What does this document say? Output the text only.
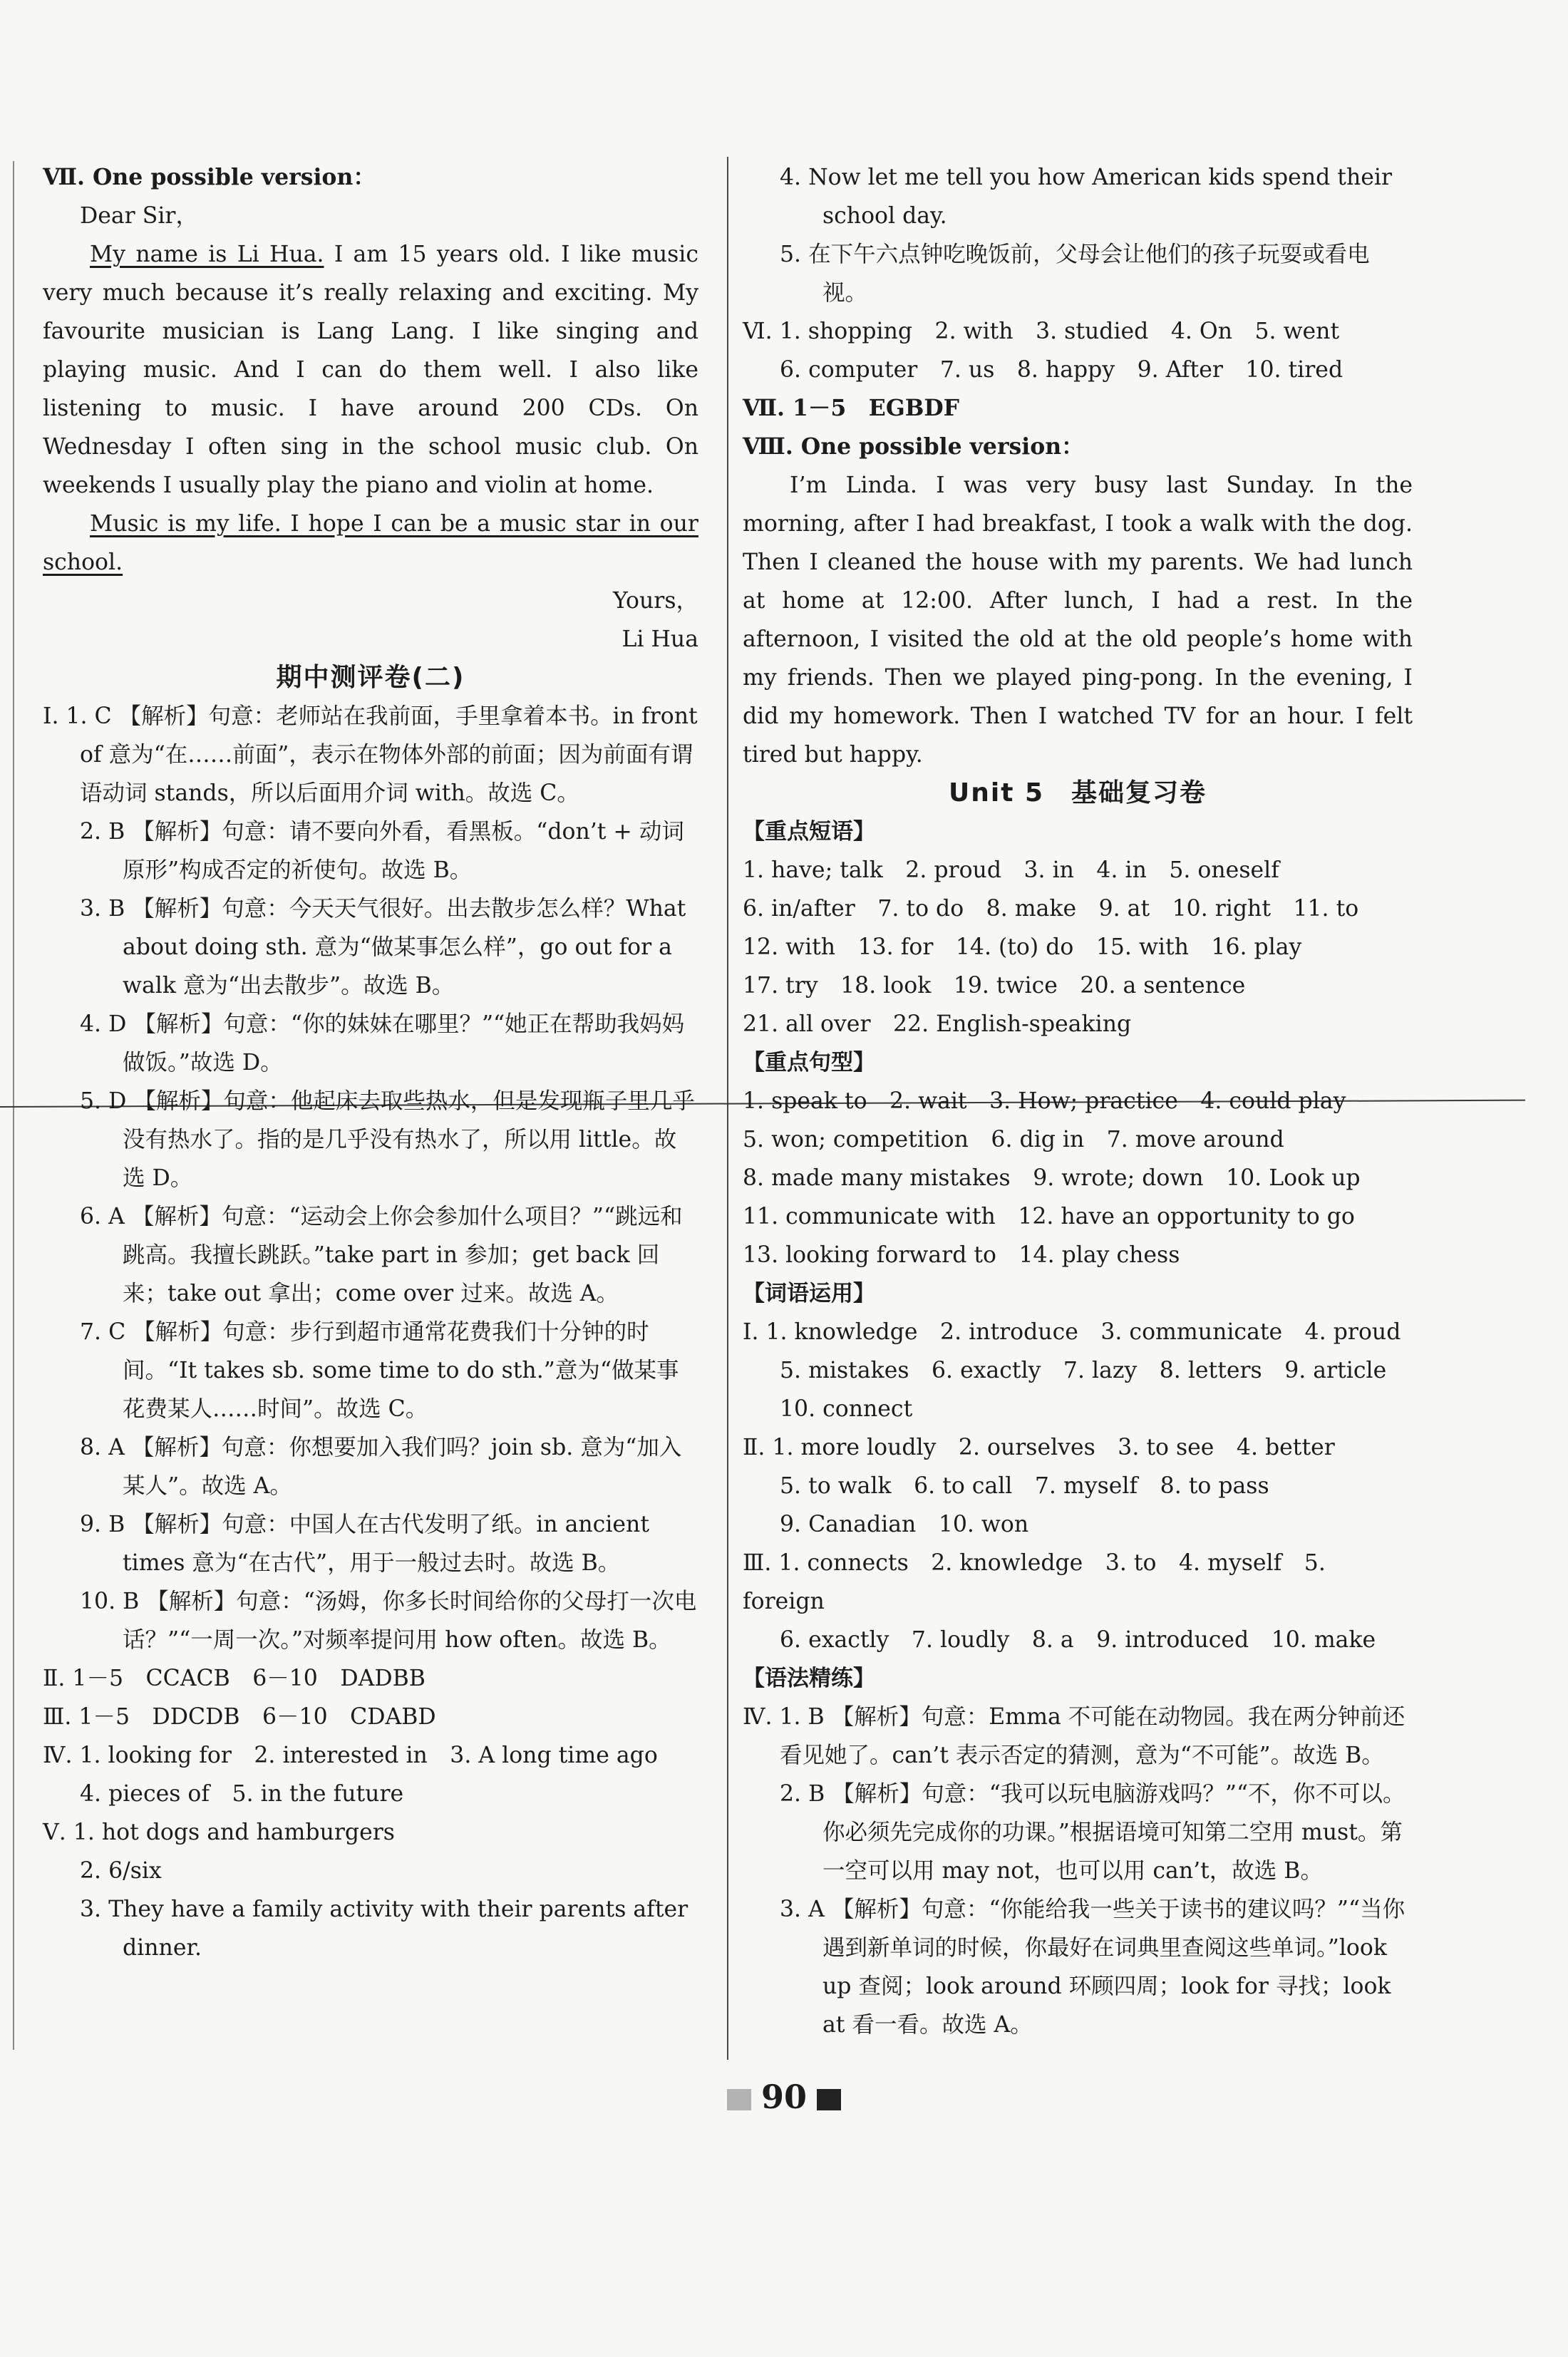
Ⅶ. One possible version：

Dear Sir，

My name is Li Hua. I am 15 years old. I like music very much because it’s really relaxing and exciting. My favourite musician is Lang Lang. I like singing and playing music. And I can do them well. I also like listening to music. I have around 200 CDs. On Wednesday I often sing in the school music club. On weekends I usually play the piano and violin at home.

Music is my life. I hope I can be a music star in our school.

Yours，

Li Hua

期中测评卷(二)

Ⅰ. 1. C 【解析】句意：老师站在我前面，手里拿着本书。in front of 意为“在……前面”，表示在物体外部的前面；因为前面有谓语动词 stands，所以后面用介词 with。故选 C。

2. B 【解析】句意：请不要向外看，看黑板。“don’t + 动词原形”构成否定的祈使句。故选 B。

3. B 【解析】句意：今天天气很好。出去散步怎么样？What about doing sth. 意为“做某事怎么样”，go out for a walk 意为“出去散步”。故选 B。

4. D 【解析】句意：“你的妹妹在哪里？”“她正在帮助我妈妈做饭。”故选 D。

5. D 【解析】句意：他起床去取些热水，但是发现瓶子里几乎没有热水了。指的是几乎没有热水了，所以用 little。故选 D。

6. A 【解析】句意：“运动会上你会参加什么项目？”“跳远和跳高。我擅长跳跃。”take part in 参加；get back 回来；take out 拿出；come over 过来。故选 A。

7. C 【解析】句意：步行到超市通常花费我们十分钟的时间。“It takes sb. some time to do sth.”意为“做某事花费某人……时间”。故选 C。

8. A 【解析】句意：你想要加入我们吗？join sb. 意为“加入某人”。故选 A。

9. B 【解析】句意：中国人在古代发明了纸。in ancient times 意为“在古代”，用于一般过去时。故选 B。

10. B 【解析】句意：“汤姆，你多长时间给你的父母打一次电话？”“一周一次。”对频率提问用 how often。故选 B。

Ⅱ. 1－5　CCACB　6－10　DADBB

Ⅲ. 1－5　DDCDB　6－10　CDABD

Ⅳ. 1. looking for　2. interested in　3. A long time ago

4. pieces of　5. in the future

Ⅴ. 1. hot dogs and hamburgers

2. 6/six

3. They have a family activity with their parents after dinner.

4. Now let me tell you how American kids spend their school day.

5. 在下午六点钟吃晚饭前，父母会让他们的孩子玩耍或看电视。

Ⅵ. 1. shopping　2. with　3. studied　4. On　5. went

6. computer　7. us　8. happy　9. After　10. tired

Ⅶ. 1－5　EGBDF

Ⅷ. One possible version：

I’m Linda. I was very busy last Sunday. In the morning, after I had breakfast, I took a walk with the dog. Then I cleaned the house with my parents. We had lunch at home at 12:00. After lunch, I had a rest. In the afternoon, I visited the old at the old people’s home with my friends. Then we played ping-pong. In the evening, I did my homework. Then I watched TV for an hour. I felt tired but happy.

Unit 5　基础复习卷

【重点短语】

1. have; talk　2. proud　3. in　4. in　5. oneself

6. in/after　7. to do　8. make　9. at　10. right　11. to

12. with　13. for　14. (to) do　15. with　16. play

17. try　18. look　19. twice　20. a sentence

21. all over　22. English-speaking

【重点句型】

1. speak to　2. wait　3. How; practice　4. could play

5. won; competition　6. dig in　7. move around

8. made many mistakes　9. wrote; down　10. Look up

11. communicate with　12. have an opportunity to go

13. looking forward to　14. play chess

【词语运用】

Ⅰ. 1. knowledge　2. introduce　3. communicate　4. proud

5. mistakes　6. exactly　7. lazy　8. letters　9. article

10. connect

Ⅱ. 1. more loudly　2. ourselves　3. to see　4. better

5. to walk　6. to call　7. myself　8. to pass

9. Canadian　10. won

Ⅲ. 1. connects　2. knowledge　3. to　4. myself　5. foreign

6. exactly　7. loudly　8. a　9. introduced　10. make

【语法精练】

Ⅳ. 1. B 【解析】句意：Emma 不可能在动物园。我在两分钟前还看见她了。can’t 表示否定的猜测，意为“不可能”。故选 B。

2. B 【解析】句意：“我可以玩电脑游戏吗？”“不，你不可以。你必须先完成你的功课。”根据语境可知第二空用 must。第一空可以用 may not，也可以用 can’t，故选 B。

3. A 【解析】句意：“你能给我一些关于读书的建议吗？”“当你遇到新单词的时候，你最好在词典里查阅这些单词。”look up 查阅；look around 环顾四周；look for 寻找；look at 看一看。故选 A。

90
